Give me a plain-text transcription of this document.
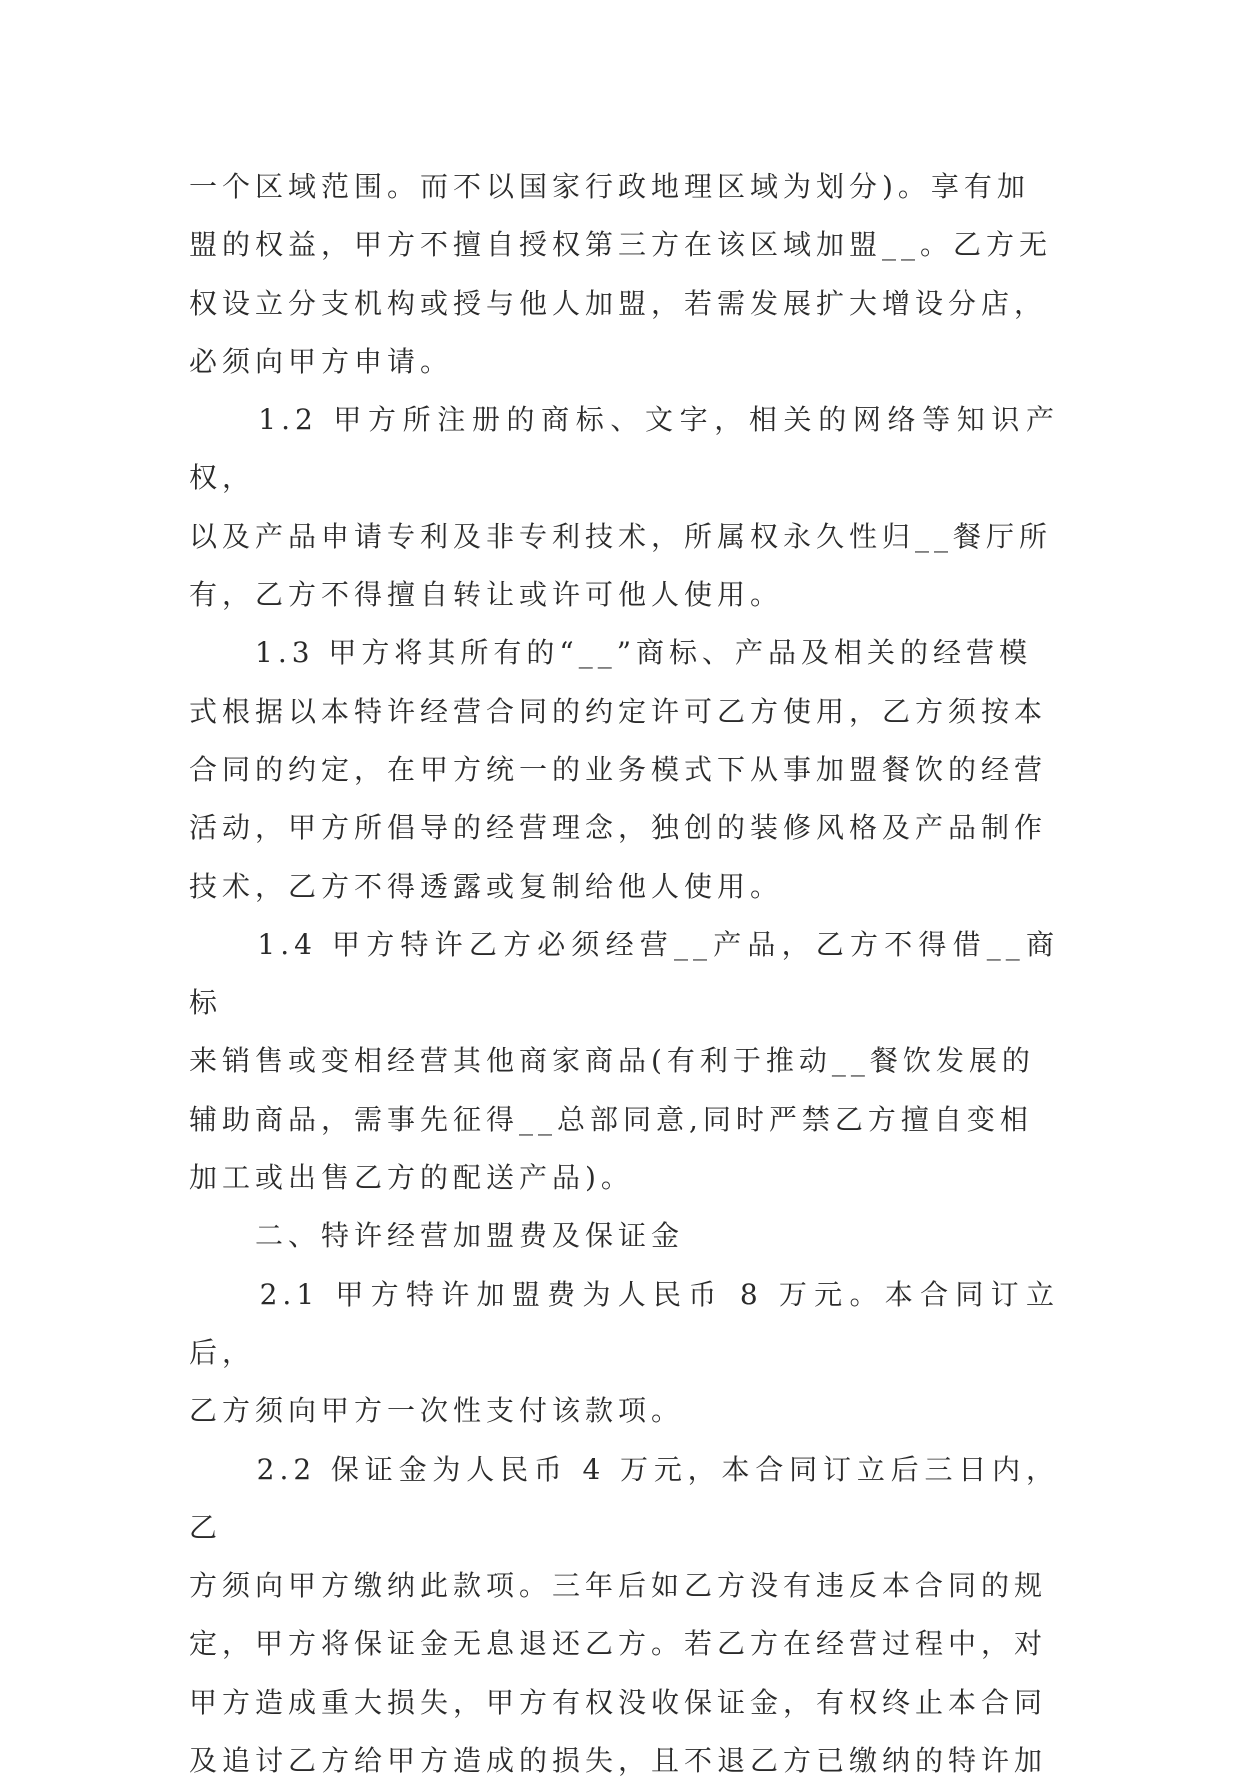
一个区域范围。而不以国家行政地理区域为划分)。享有加
盟的权益，甲方不擅自授权第三方在该区域加盟__。乙方无
权设立分支机构或授与他人加盟，若需发展扩大增设分店，
必须向甲方申请。

　　1.2 甲方所注册的商标、文字，相关的网络等知识产权，
以及产品申请专利及非专利技术，所属权永久性归__餐厅所
有，乙方不得擅自转让或许可他人使用。

　　1.3 甲方将其所有的“__”商标、产品及相关的经营模
式根据以本特许经营合同的约定许可乙方使用，乙方须按本
合同的约定，在甲方统一的业务模式下从事加盟餐饮的经营
活动，甲方所倡导的经营理念，独创的装修风格及产品制作
技术，乙方不得透露或复制给他人使用。

　　1.4 甲方特许乙方必须经营__产品，乙方不得借__商标
来销售或变相经营其他商家商品(有利于推动__餐饮发展的
辅助商品，需事先征得__总部同意,同时严禁乙方擅自变相
加工或出售乙方的配送产品)。

　　二、特许经营加盟费及保证金

　　2.1 甲方特许加盟费为人民币 8 万元。本合同订立后，
乙方须向甲方一次性支付该款项。

　　2.2 保证金为人民币 4 万元，本合同订立后三日内，乙
方须向甲方缴纳此款项。三年后如乙方没有违反本合同的规
定，甲方将保证金无息退还乙方。若乙方在经营过程中，对
甲方造成重大损失，甲方有权没收保证金，有权终止本合同
及追讨乙方给甲方造成的损失，且不退乙方已缴纳的特许加
